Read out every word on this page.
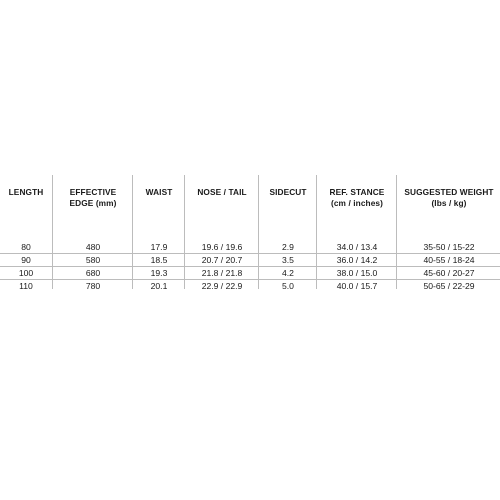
LENGTH
80
90
100
110
EFFECTIVE
EDGE (mm)
480
580
680
780
WAIST
17.9
18.5
19.3
20.1
NOSE / TAIL
19.6 / 19.6
20.7 / 20.7
21.8 / 21.8
22.9 / 22.9
SIDECUT
2.9
3.5
4.2
5.0
REF. STANCE
(cm / inches)
34.0 / 13.4
36.0 / 14.2
38.0 / 15.0
40.0 / 15.7
SUGGESTED WEIGHT
(lbs / kg)
35-50 / 15-22
40-55 / 18-24
45-60 / 20-27
50-65 / 22-29
